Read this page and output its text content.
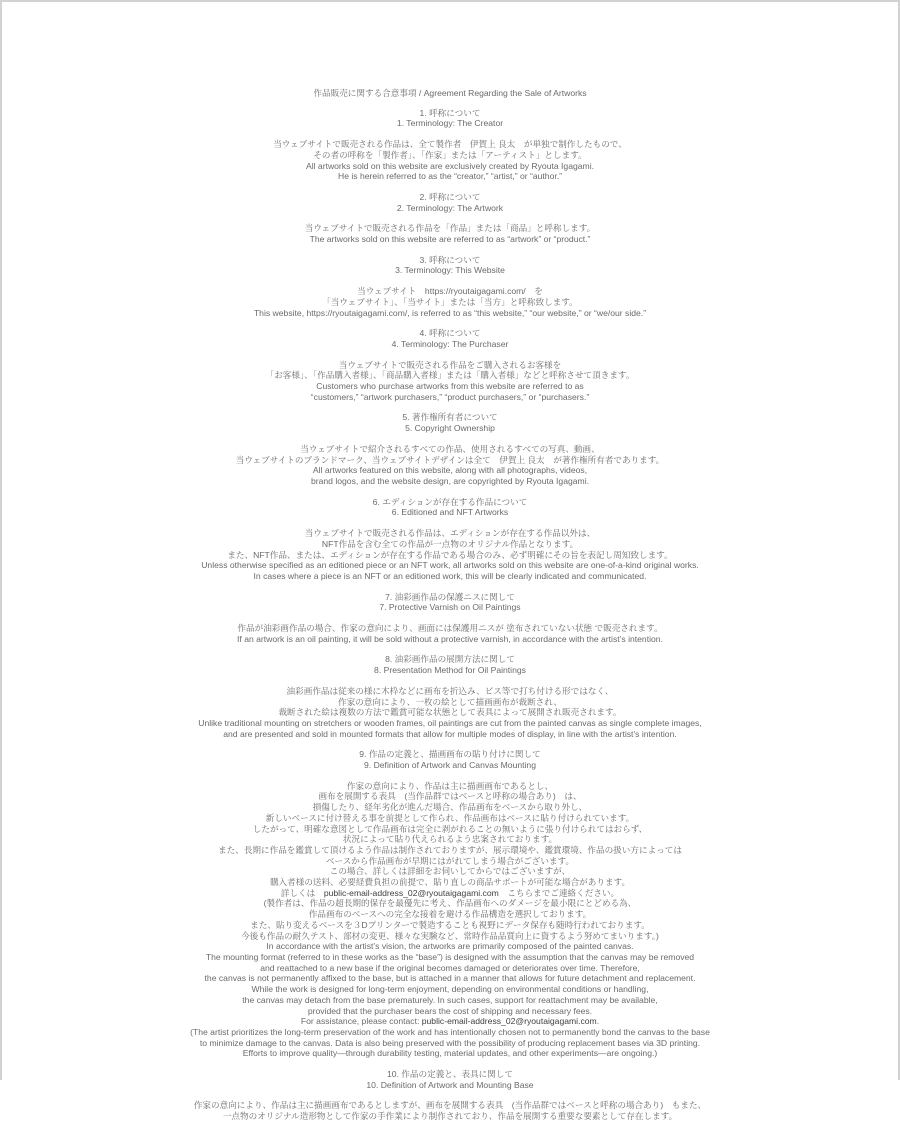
作品販売に関する合意事項 / Agreement Regarding the Sale of Artworks
1. 呼称について
1. Terminology: The Creator
当ウェブサイトで販売される作品は、全て製作者　伊賀上 良太　が単独で制作したもので、
その者の呼称を「製作者」、「作家」または「アーティスト」とします。
All artworks sold on this website are exclusively created by Ryouta Igagami.
He is herein referred to as the “creator,” “artist,” or “author.”
2. 呼称について
2. Terminology: The Artwork
当ウェブサイトで販売される作品を「作品」または「商品」と呼称します。
The artworks sold on this website are referred to as “artwork” or “product.”
3. 呼称について
3. Terminology: This Website
当ウェブサイト　https://ryoutaigagami.com/　を
「当ウェブサイト」、「当サイト」または「当方」と呼称致します。
This website, https://ryoutaigagami.com/, is referred to as “this website,” “our website,” or “we/our side.”
4. 呼称について
4. Terminology: The Purchaser
当ウェブサイトで販売される作品をご購入されるお客様を
「お客様」、「作品購入者様」、「商品購入者様」または「購入者様」などと呼称させて頂きます。
Customers who purchase artworks from this website are referred to as
“customers,” “artwork purchasers,” “product purchasers,” or “purchasers.”
5. 著作権所有者について
5. Copyright Ownership
当ウェブサイトで紹介されるすべての作品、使用されるすべての写真、動画、
当ウェブサイトのブランドマーク、当ウェブサイトデザインは全て　伊賀上 良太　が著作権所有者であります。
All artworks featured on this website, along with all photographs, videos,
brand logos, and the website design, are copyrighted by Ryouta Igagami.
6. エディションが存在する作品について
6. Editioned and NFT Artworks
当ウェブサイトで販売される作品は、エディションが存在する作品以外は、
NFT作品を含む全ての作品が一点物のオリジナル作品となります。
また、NFT作品、または、エディションが存在する作品である場合のみ、必ず明確にその旨を表記し周知致します。
Unless otherwise specified as an editioned piece or an NFT work, all artworks sold on this website are one-of-a-kind original works.
In cases where a piece is an NFT or an editioned work, this will be clearly indicated and communicated.
7. 油彩画作品の保護ニスに関して
7. Protective Varnish on Oil Paintings
作品が油彩画作品の場合、作家の意向により、画面には保護用ニスが 塗布されていない状態 で販売されます。
If an artwork is an oil painting, it will be sold without a protective varnish, in accordance with the artist’s intention.
8. 油彩画作品の展開方法に関して
8. Presentation Method for Oil Paintings
油彩画作品は従来の様に木枠などに画布を折込み、ビス等で打ち付ける形ではなく、
作家の意向により、一枚の絵として描画画布が裁断され、
裁断された絵は複数の方法で鑑賞可能な状態として表具によって展開され販売されます。
Unlike traditional mounting on stretchers or wooden frames, oil paintings are cut from the painted canvas as single complete images,
and are presented and sold in mounted formats that allow for multiple modes of display, in line with the artist’s intention.
9. 作品の定義と、描画画布の貼り付けに関して
9. Definition of Artwork and Canvas Mounting
作家の意向により、作品は主に描画画布であるとし、
画布を展開する表具　(当作品群ではベースと呼称の場合あり)　は、
損傷したり、経年劣化が進んだ場合、作品画布をベースから取り外し、
新しいベースに付け替える事を前提として作られ、作品画布はベースに貼り付けられています。
したがって、明確な意図として作品画布は完全に剥がれることの無いように張り付けられてはおらず、
状況によって貼り代えられるよう忠案されております。
また、長期に作品を鑑賞して頂けるよう作品は制作されておりますが、展示環境や、鑑賞環境、作品の扱い方によっては
ベースから作品画布が早期にはがれてしまう場合がございます。
この場合、詳しくは詳細をお伺いしてからではございますが、
購入者様の送料、必要経費負担の前提で、貼り直しの商品サポートが可能な場合があります。
詳しくは　public-email-address_02@ryoutaigagami.com　こちらまでご連絡ください。
(製作者は、作品の超長期的保存を最優先に考え、作品画布へのダメージを最小限にとどめる為、
作品画布のベースへの完全な接着を避ける作品構造を選択しております。
また、貼り変えるベースを３Dプリンターで製造することも視野にデータ保存も随時行われております。
今後も作品の耐久テスト、部材の変更、様々な実験など、常時作品品質向上に資するよう努めてまいります。)
In accordance with the artist’s vision, the artworks are primarily composed of the painted canvas.
The mounting format (referred to in these works as the “base”) is designed with the assumption that the canvas may be removed
and reattached to a new base if the original becomes damaged or deteriorates over time. Therefore,
the canvas is not permanently affixed to the base, but is attached in a manner that allows for future detachment and replacement.
While the work is designed for long-term enjoyment, depending on environmental conditions or handling,
the canvas may detach from the base prematurely. In such cases, support for reattachment may be available,
provided that the purchaser bears the cost of shipping and necessary fees.
For assistance, please contact: public-email-address_02@ryoutaigagami.com.
(The artist prioritizes the long-term preservation of the work and has intentionally chosen not to permanently bond the canvas to the base
to minimize damage to the canvas. Data is also being preserved with the possibility of producing replacement bases via 3D printing.
Efforts to improve quality—through durability testing, material updates, and other experiments—are ongoing.)
10. 作品の定義と、表具に関して
10. Definition of Artwork and Mounting Base
作家の意向により、作品は主に描画画布であるとしますが、画布を展開する表具　(当作品群ではベースと呼称の場合あり)　もまた、
一点物のオリジナル造形物として作家の手作業により制作されており、作品を展開する重要な要素として存在します。
